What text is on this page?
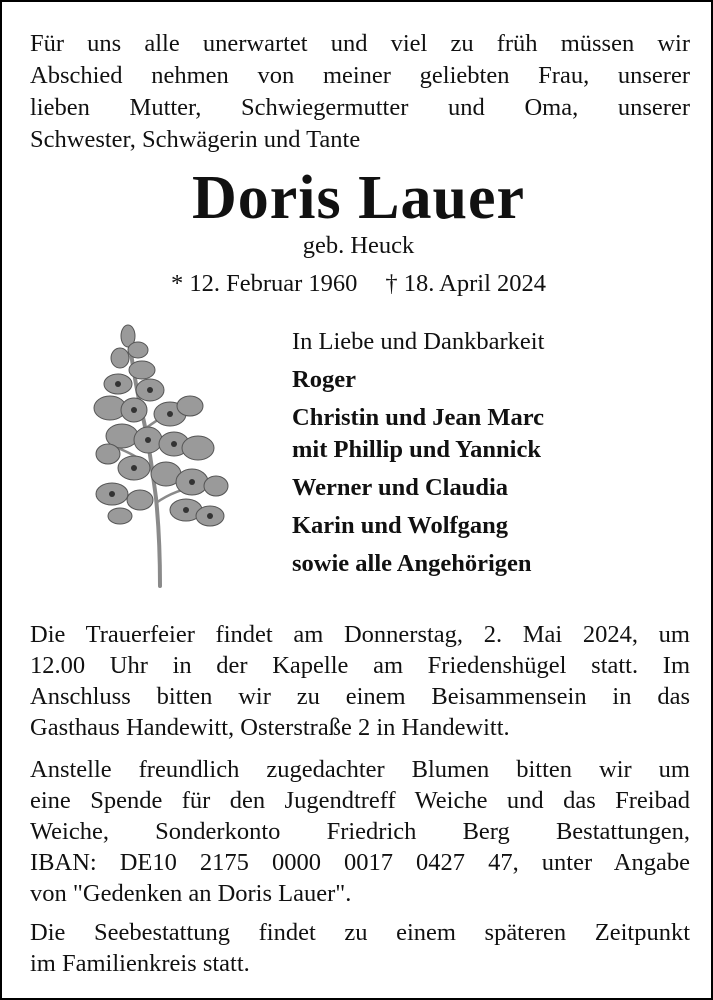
Für uns alle unerwartet und viel zu früh müssen wir
Abschied nehmen von meiner geliebten Frau, unserer
lieben Mutter, Schwiegermutter und Oma, unserer
Schwester, Schwägerin und Tante
Doris Lauer
geb. Heuck
* 12. Februar 1960 † 18. April 2024
In Liebe und Dankbarkeit
Roger
Christin und Jean Marc
mit Phillip und Yannick
Werner und Claudia
Karin und Wolfgang
sowie alle Angehörigen
Die Trauerfeier findet am Donnerstag, 2. Mai 2024, um
12.00 Uhr in der Kapelle am Friedenshügel statt. Im
Anschluss bitten wir zu einem Beisammensein in das
Gasthaus Handewitt, Osterstraße 2 in Handewitt.
Anstelle freundlich zugedachter Blumen bitten wir um
eine Spende für den Jugendtreff Weiche und das Freibad
Weiche, Sonderkonto Friedrich Berg Bestattungen,
IBAN: DE10 2175 0000 0017 0427 47, unter Angabe
von "Gedenken an Doris Lauer".
Die Seebestattung findet zu einem späteren Zeitpunkt
im Familienkreis statt.
